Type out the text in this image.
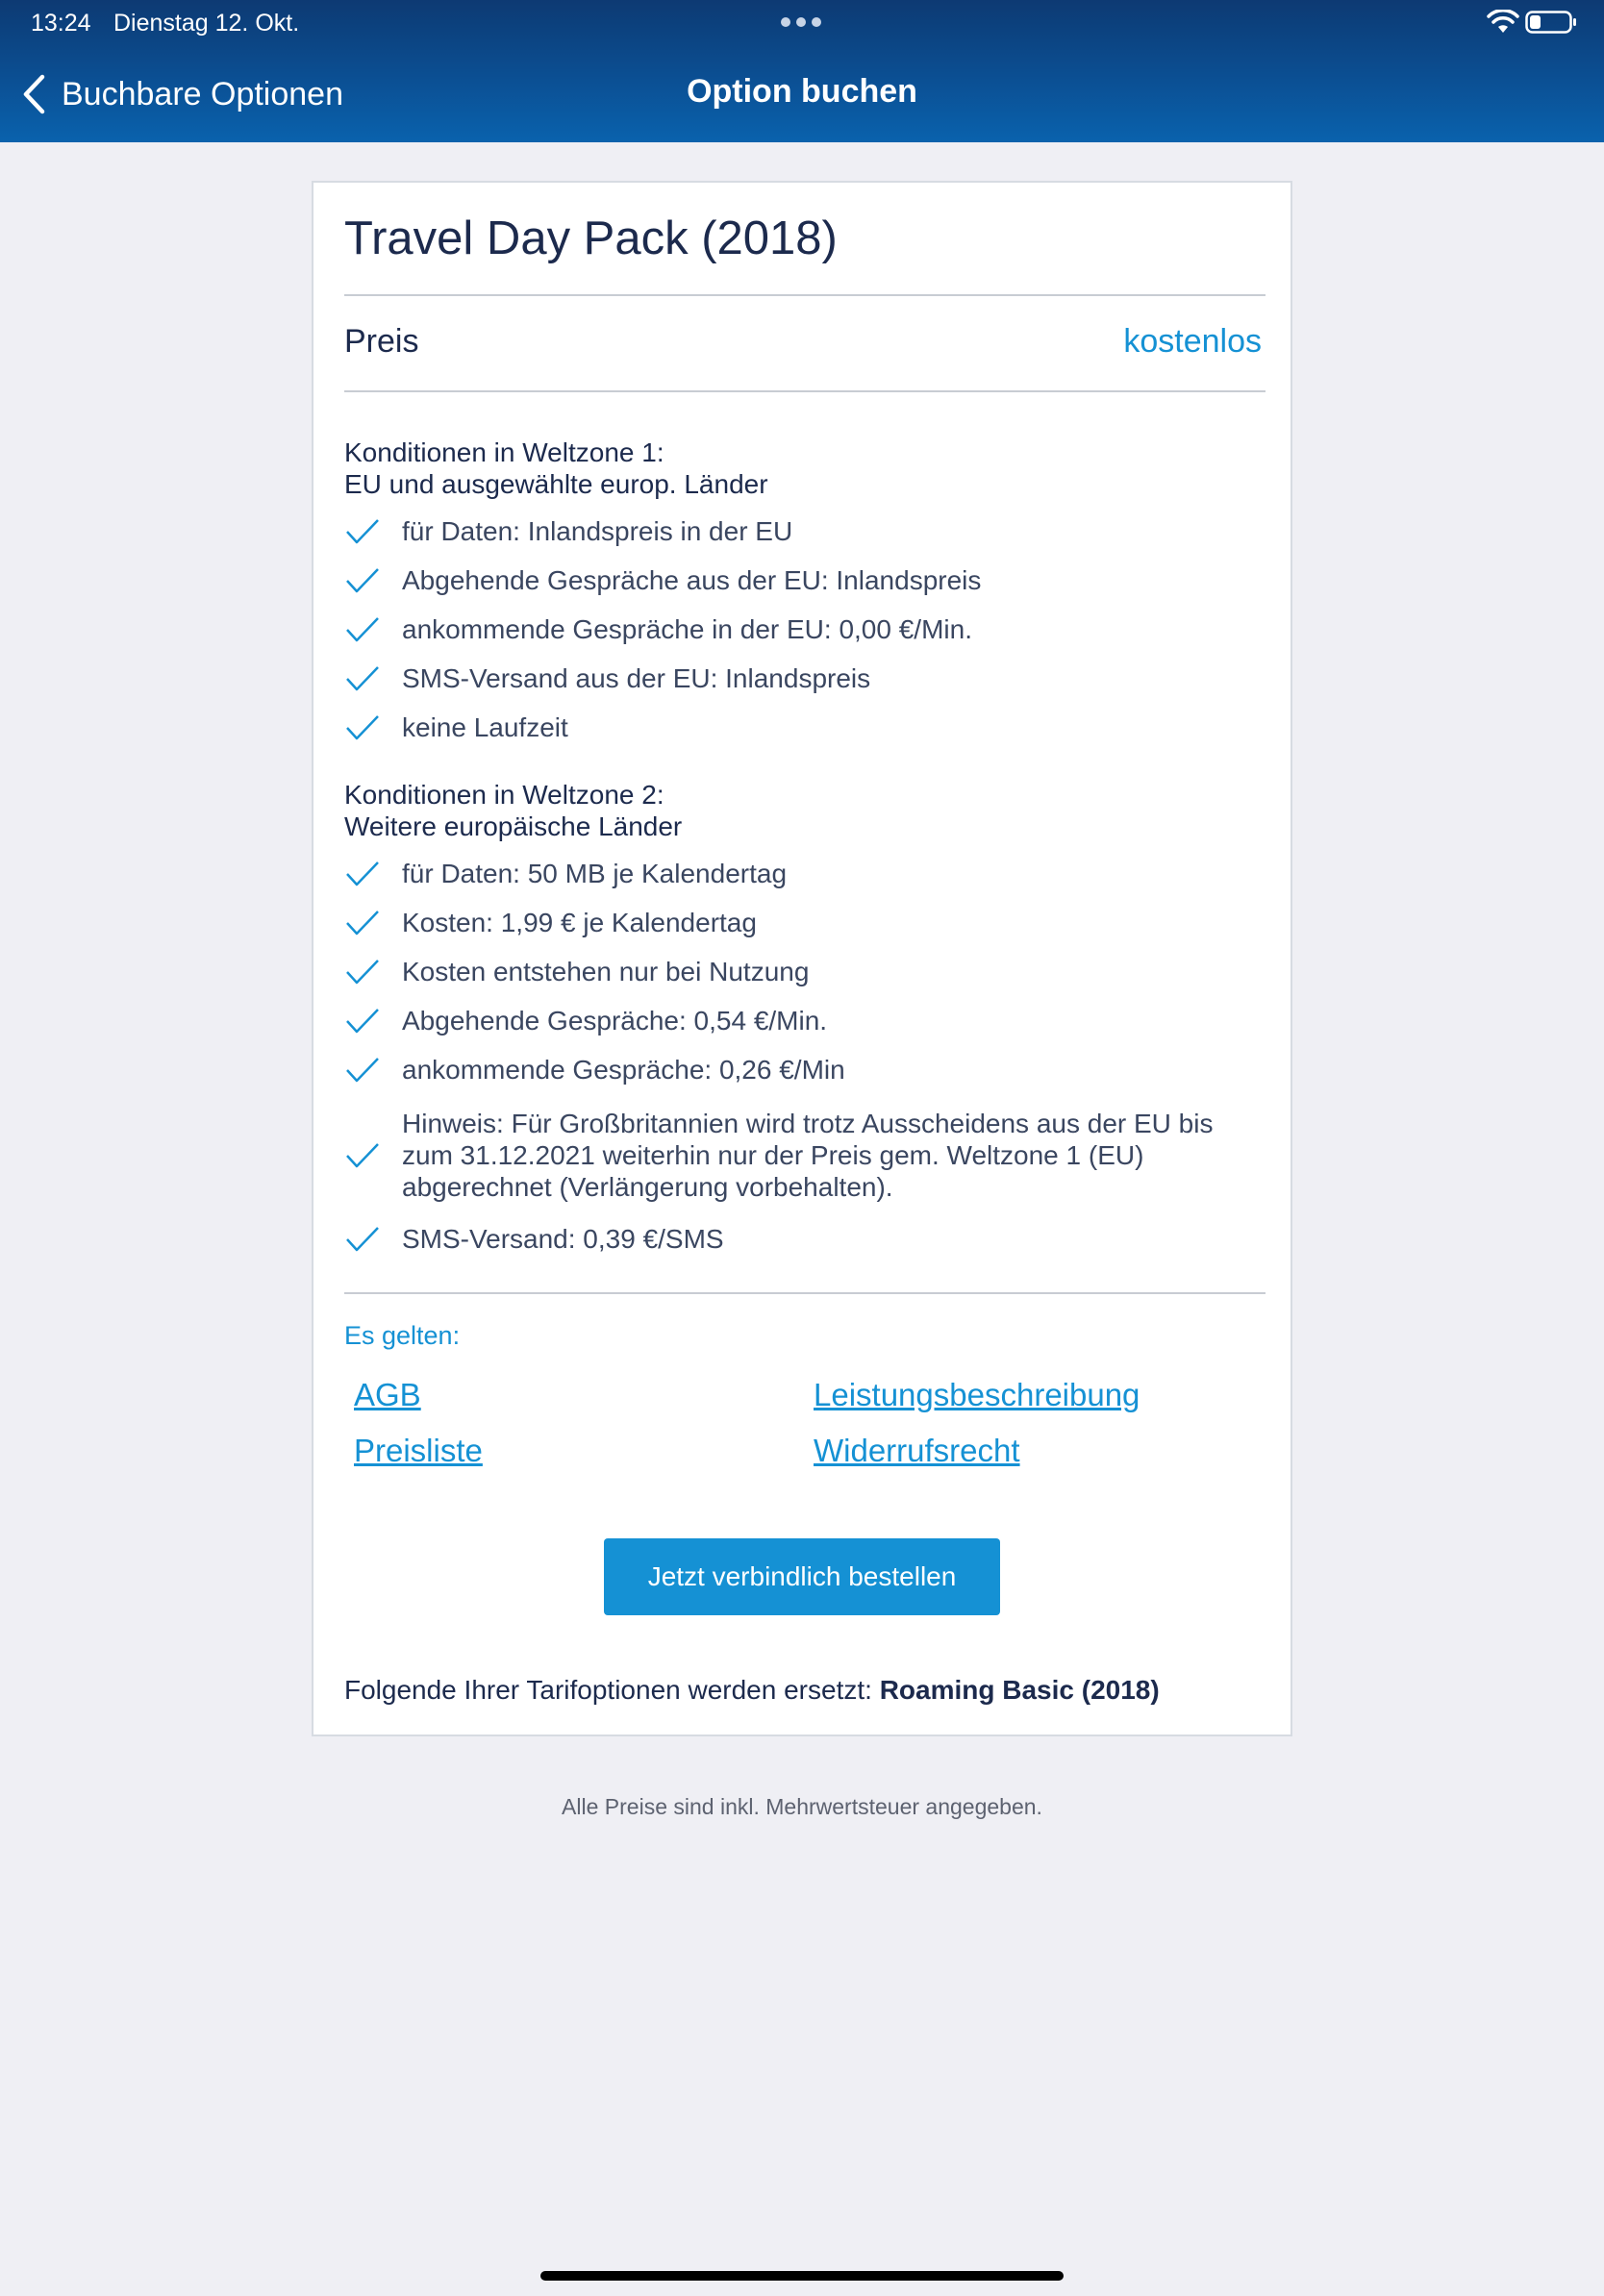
13:24 Dienstag 12. Okt.
Buchbare Optionen	Option buchen
Travel Day Pack (2018)
Preis	kostenlos
Konditionen in Weltzone 1:
EU und ausgewählte europ. Länder
für Daten: Inlandspreis in der EU
Abgehende Gespräche aus der EU: Inlandspreis
ankommende Gespräche in der EU: 0,00 €/Min.
SMS-Versand aus der EU: Inlandspreis
keine Laufzeit
Konditionen in Weltzone 2:
Weitere europäische Länder
für Daten: 50 MB je Kalendertag
Kosten: 1,99 € je Kalendertag
Kosten entstehen nur bei Nutzung
Abgehende Gespräche: 0,54 €/Min.
ankommende Gespräche: 0,26 €/Min
Hinweis: Für Großbritannien wird trotz Ausscheidens aus der EU bis zum 31.12.2021 weiterhin nur der Preis gem. Weltzone 1 (EU) abgerechnet (Verlängerung vorbehalten).
SMS-Versand: 0,39 €/SMS
Es gelten:
AGB	Leistungsbeschreibung
Preisliste	Widerrufsrecht
Jetzt verbindlich bestellen
Folgende Ihrer Tarifoptionen werden ersetzt: Roaming Basic (2018)
Alle Preise sind inkl. Mehrwertsteuer angegeben.
